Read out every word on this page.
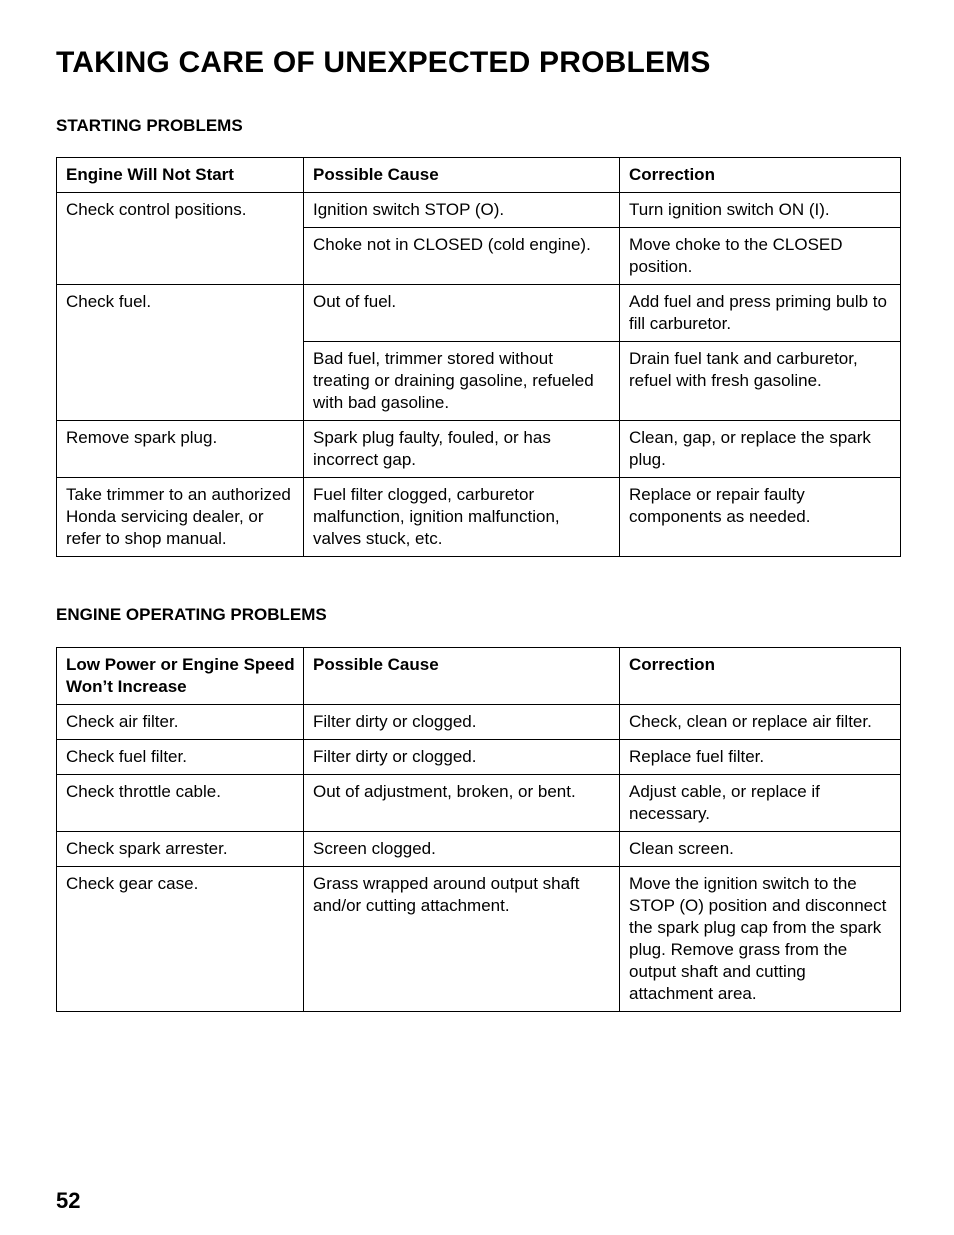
TAKING CARE OF UNEXPECTED PROBLEMS
STARTING PROBLEMS
Engine Will Not Start	Possible Cause	Correction
Check control positions.	Ignition switch STOP (O).	Turn ignition switch ON (I).
	Choke not in CLOSED (cold engine).	Move choke to the CLOSED position.
Check fuel.	Out of fuel.	Add fuel and press priming bulb to fill carburetor.
	Bad fuel, trimmer stored without treating or draining gasoline, refueled with bad gasoline.	Drain fuel tank and carburetor, refuel with fresh gasoline.
Remove spark plug.	Spark plug faulty, fouled, or has incorrect gap.	Clean, gap, or replace the spark plug.
Take trimmer to an authorized Honda servicing dealer, or refer to shop manual.	Fuel filter clogged, carburetor malfunction, ignition malfunction, valves stuck, etc.	Replace or repair faulty components as needed.
ENGINE OPERATING PROBLEMS
Low Power or Engine Speed Won’t Increase	Possible Cause	Correction
Check air filter.	Filter dirty or clogged.	Check, clean or replace air filter.
Check fuel filter.	Filter dirty or clogged.	Replace fuel filter.
Check throttle cable.	Out of adjustment, broken, or bent.	Adjust cable, or replace if necessary.
Check spark arrester.	Screen clogged.	Clean screen.
Check gear case.	Grass wrapped around output shaft and/or cutting attachment.	Move the ignition switch to the STOP (O) position and disconnect the spark plug cap from the spark plug. Remove grass from the output shaft and cutting attachment area.
52
